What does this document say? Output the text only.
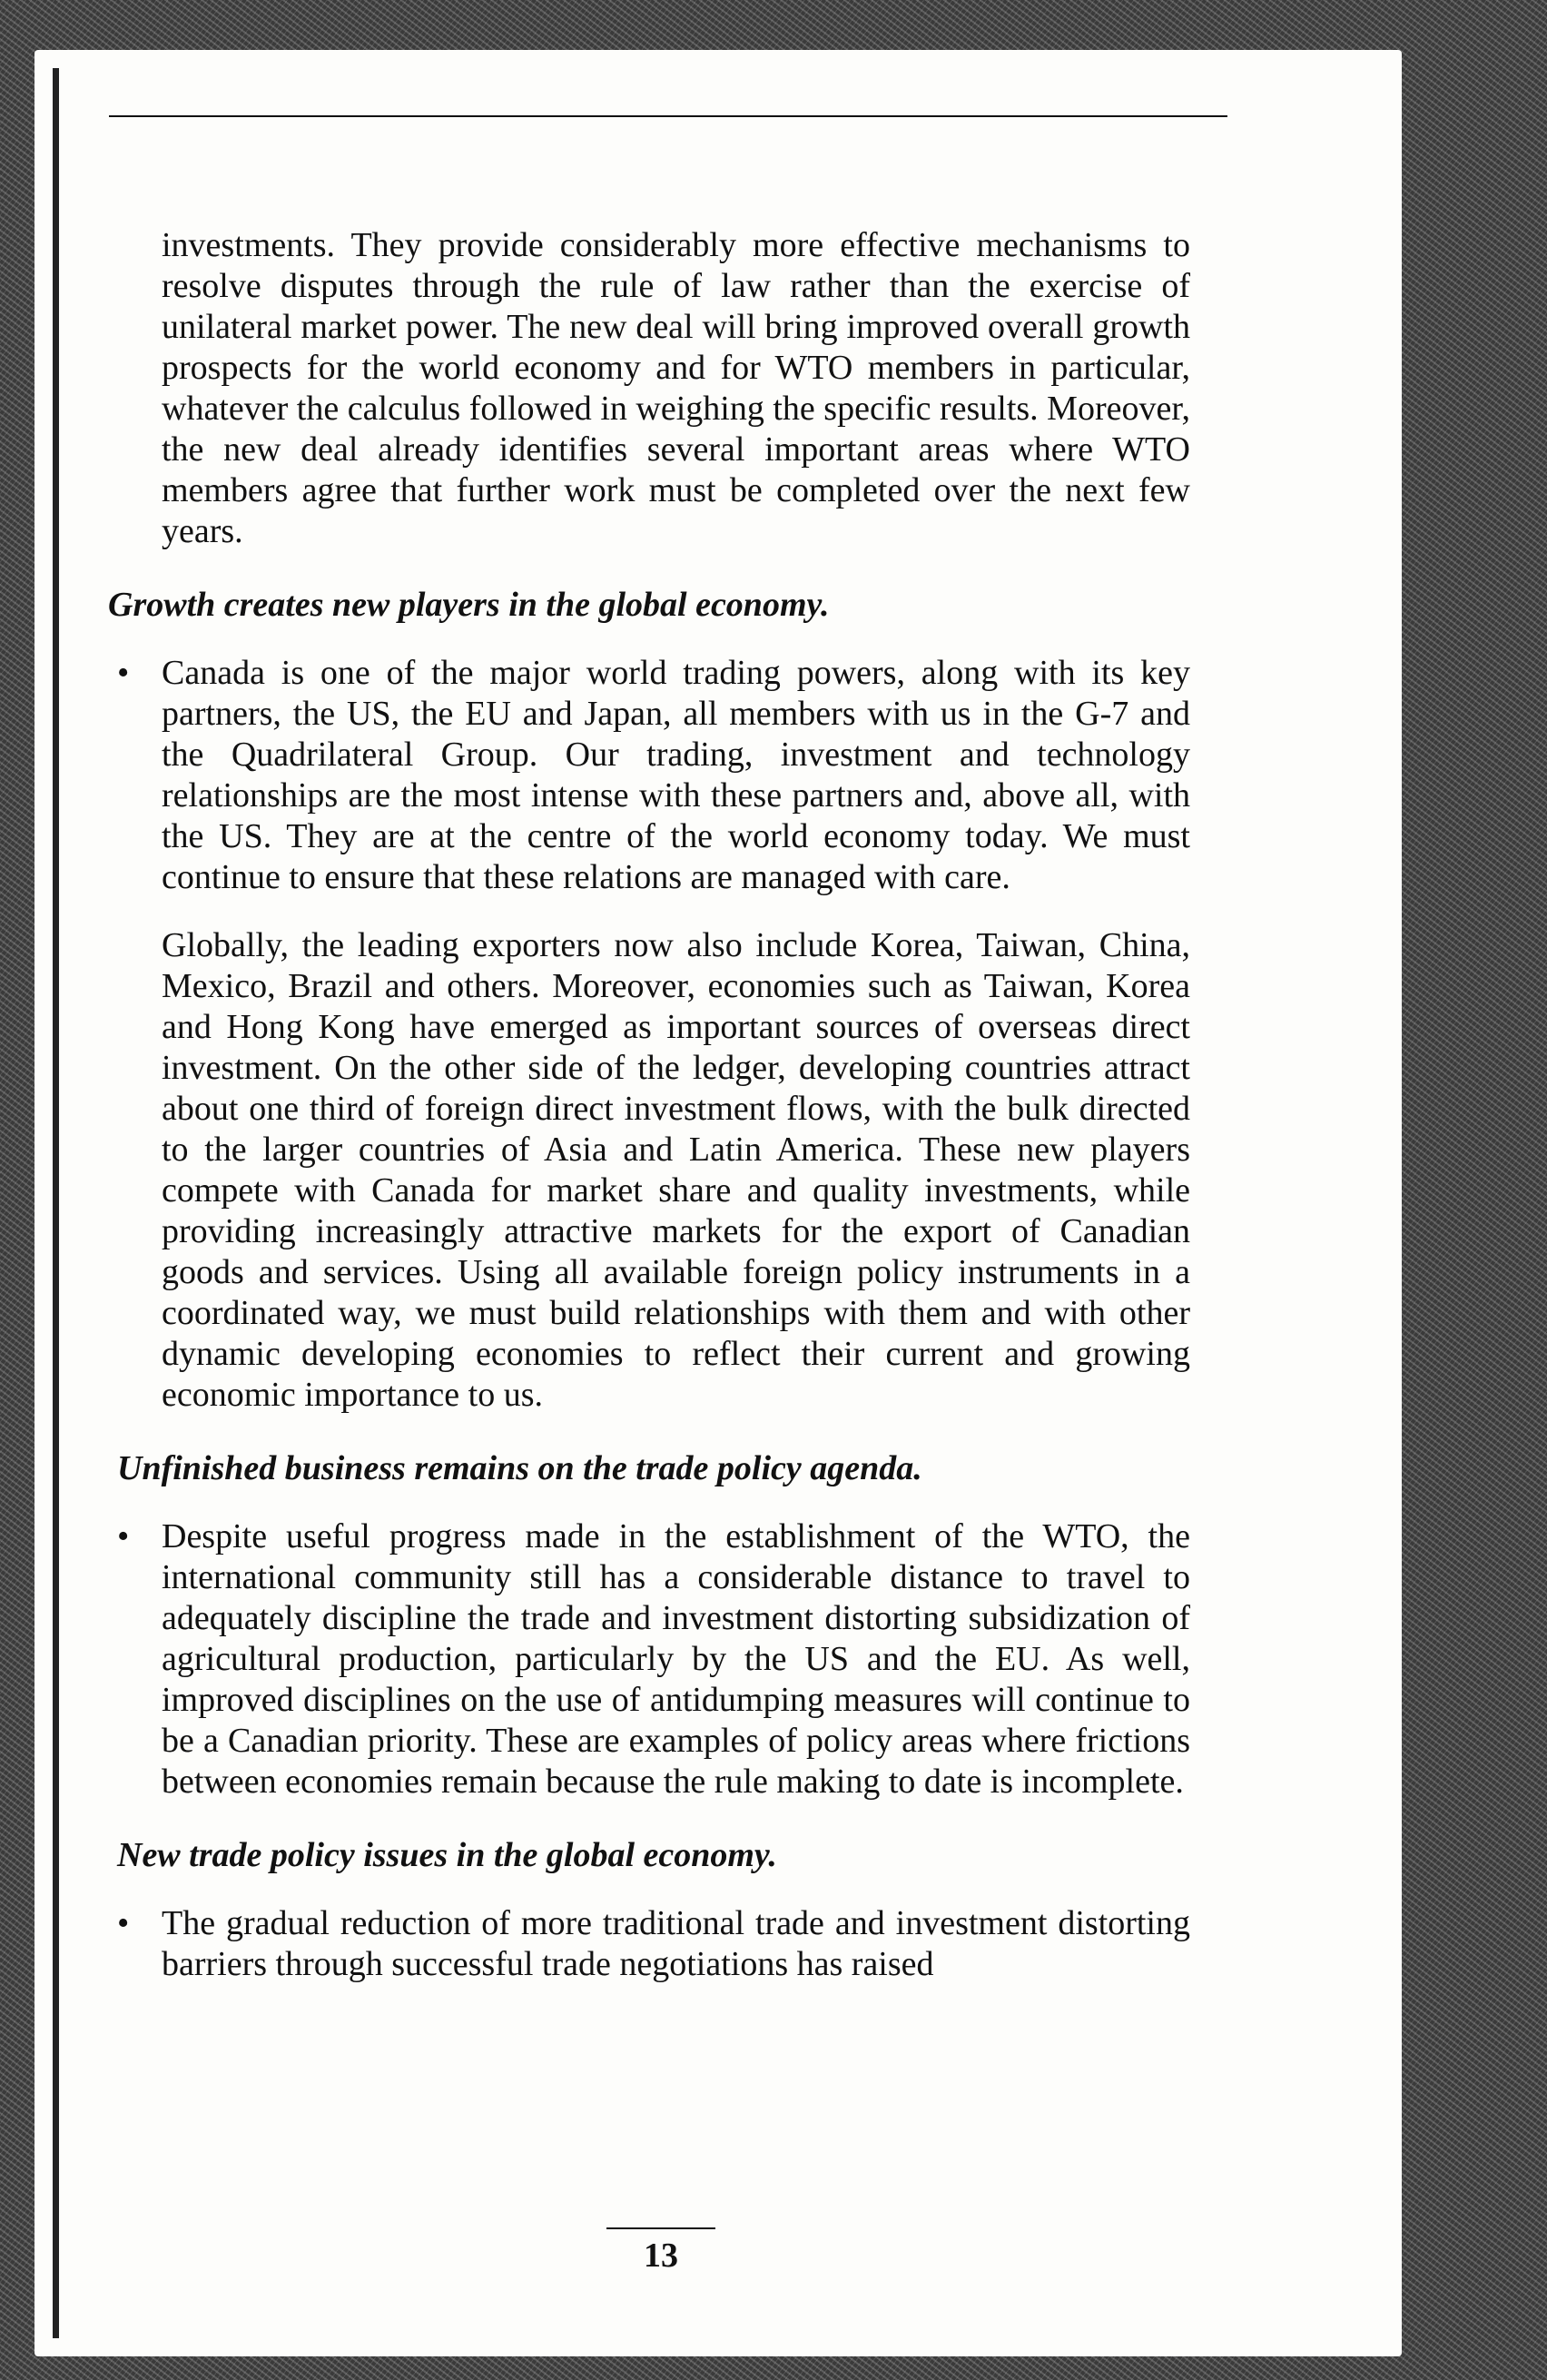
investments. They provide considerably more effective mechanisms to resolve disputes through the rule of law rather than the exercise of unilateral market power. The new deal will bring improved overall growth prospects for the world economy and for WTO members in particular, whatever the calculus followed in weighing the specific results. Moreover, the new deal already identifies several important areas where WTO members agree that further work must be completed over the next few years.

Growth creates new players in the global economy.

• Canada is one of the major world trading powers, along with its key partners, the US, the EU and Japan, all members with us in the G-7 and the Quadrilateral Group. Our trading, investment and technology relationships are the most intense with these partners and, above all, with the US. They are at the centre of the world economy today. We must continue to ensure that these relations are managed with care.

Globally, the leading exporters now also include Korea, Taiwan, China, Mexico, Brazil and others. Moreover, economies such as Taiwan, Korea and Hong Kong have emerged as important sources of overseas direct investment. On the other side of the ledger, developing countries attract about one third of foreign direct investment flows, with the bulk directed to the larger countries of Asia and Latin America. These new players compete with Canada for market share and quality investments, while providing increasingly attractive markets for the export of Canadian goods and services. Using all available foreign policy instruments in a coordinated way, we must build relationships with them and with other dynamic developing economies to reflect their current and growing economic importance to us.

Unfinished business remains on the trade policy agenda.

• Despite useful progress made in the establishment of the WTO, the international community still has a considerable distance to travel to adequately discipline the trade and investment distorting subsidization of agricultural production, particularly by the US and the EU. As well, improved disciplines on the use of antidumping measures will continue to be a Canadian priority. These are examples of policy areas where frictions between economies remain because the rule making to date is incomplete.

New trade policy issues in the global economy.

• The gradual reduction of more traditional trade and investment distorting barriers through successful trade negotiations has raised
13
